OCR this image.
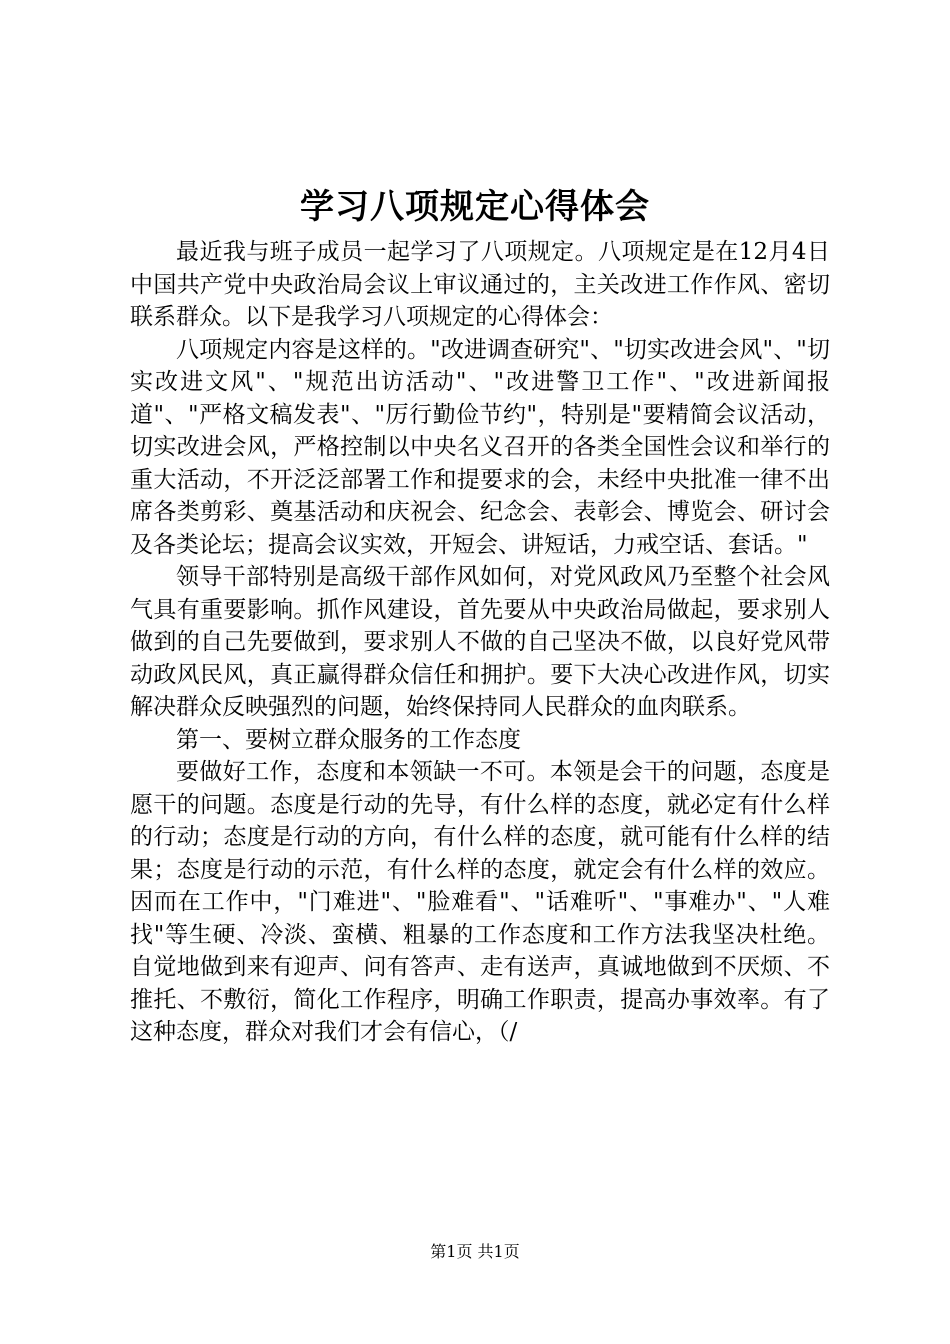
学习八项规定心得体会

最近我与班子成员一起学习了八项规定。八项规定是在12月4日中国共产党中央政治局会议上审议通过的，主关改进工作作风、密切联系群众。以下是我学习八项规定的心得体会：

八项规定内容是这样的。"改进调查研究"、"切实改进会风"、"切实改进文风"、"规范出访活动"、"改进警卫工作"、"改进新闻报道"、"严格文稿发表"、"厉行勤俭节约"，特别是"要精简会议活动，切实改进会风，严格控制以中央名义召开的各类全国性会议和举行的重大活动，不开泛泛部署工作和提要求的会，未经中央批准一律不出席各类剪彩、奠基活动和庆祝会、纪念会、表彰会、博览会、研讨会及各类论坛；提高会议实效，开短会、讲短话，力戒空话、套话。"

领导干部特别是高级干部作风如何，对党风政风乃至整个社会风气具有重要影响。抓作风建设，首先要从中央政治局做起，要求别人做到的自己先要做到，要求别人不做的自己坚决不做，以良好党风带动政风民风，真正赢得群众信任和拥护。要下大决心改进作风，切实解决群众反映强烈的问题，始终保持同人民群众的血肉联系。

第一、要树立群众服务的工作态度

要做好工作，态度和本领缺一不可。本领是会干的问题，态度是愿干的问题。态度是行动的先导，有什么样的态度，就必定有什么样的行动；态度是行动的方向，有什么样的态度，就可能有什么样的结果；态度是行动的示范，有什么样的态度，就定会有什么样的效应。因而在工作中，"门难进"、"脸难看"、"话难听"、"事难办"、"人难找"等生硬、冷淡、蛮横、粗暴的工作态度和工作方法我坚决杜绝。自觉地做到来有迎声、问有答声、走有送声，真诚地做到不厌烦、不推托、不敷衍，简化工作程序，明确工作职责，提高办事效率。有了这种态度，群众对我们才会有信心，（/

第1页 共1页
